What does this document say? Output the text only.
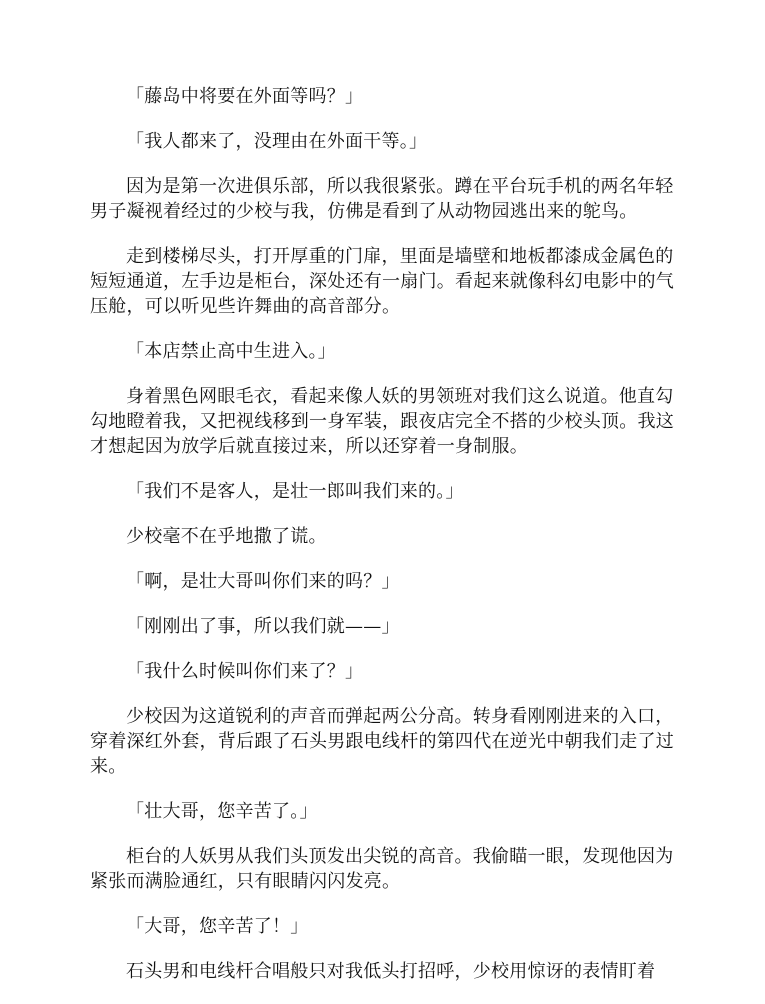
「藤岛中将要在外面等吗？」

「我人都来了，没理由在外面干等。」

因为是第一次进俱乐部，所以我很紧张。蹲在平台玩手机的两名年轻男子凝视着经过的少校与我，仿佛是看到了从动物园逃出来的鸵鸟。

走到楼梯尽头，打开厚重的门扉，里面是墙壁和地板都漆成金属色的短短通道，左手边是柜台，深处还有一扇门。看起来就像科幻电影中的气压舱，可以听见些许舞曲的高音部分。

「本店禁止高中生进入。」

身着黑色网眼毛衣，看起来像人妖的男领班对我们这么说道。他直勾勾地瞪着我，又把视线移到一身军装，跟夜店完全不搭的少校头顶。我这才想起因为放学后就直接过来，所以还穿着一身制服。

「我们不是客人，是壮一郎叫我们来的。」

少校毫不在乎地撒了谎。

「啊，是壮大哥叫你们来的吗？」

「刚刚出了事，所以我们就——」

「我什么时候叫你们来了？」

少校因为这道锐利的声音而弹起两公分高。转身看刚刚进来的入口，穿着深红外套，背后跟了石头男跟电线杆的第四代在逆光中朝我们走了过来。

「壮大哥，您辛苦了。」

柜台的人妖男从我们头顶发出尖锐的高音。我偷瞄一眼，发现他因为紧张而满脸通红，只有眼睛闪闪发亮。

「大哥，您辛苦了！」

石头男和电线杆合唱般只对我低头打招呼，少校用惊讶的表情盯着
